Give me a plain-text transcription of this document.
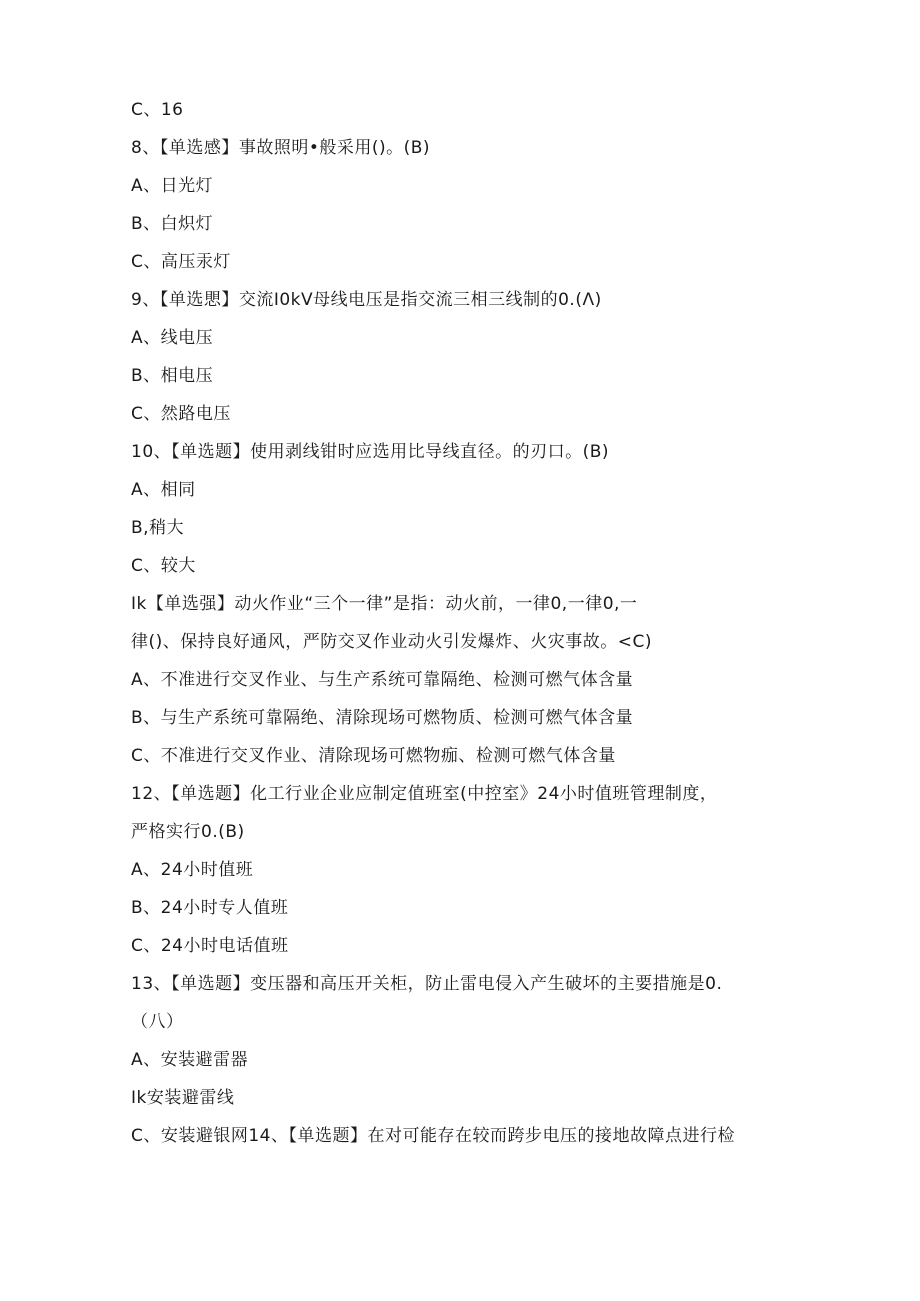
C、16
8、【单选感】事故照明•般采用()。(B)
A、日光灯
B、白炽灯
C、高压汞灯
9、【单选愳】交流I0kV母线电压是指交流三相三线制的0.(Λ)
A、线电压
B、相电压
C、然路电压
10、【单选题】使用剥线钳时应选用比导线直径。的刃口。(B)
A、相同
B,稍大
C、较大
Ik【单选强】动火作业“三个一律”是指：动火前，一律0,一律0,一
律()、保持良好通风，严防交叉作业动火引发爆炸、火灾事故。<C)
A、不准进行交叉作业、与生产系统可靠隔绝、检测可燃气体含量
B、与生产系统可靠隔绝、清除现场可燃物质、检测可燃气体含量
C、不准进行交叉作业、清除现场可燃物痂、检测可燃气体含量
12、【单选题】化工行业企业应制定值班室(中控室》24小时值班管理制度，
严格实行0.(B)
A、24小时值班
B、24小时专人值班
C、24小时电话值班
13、【单选题】变压器和高压开关柜，防止雷电侵入产生破坏的主要措施是0.
（八）
A、安装避雷器
Ik安装避雷线
C、安装避银网14、【单选题】在对可能存在较而跨步电压的接地故障点进行检
